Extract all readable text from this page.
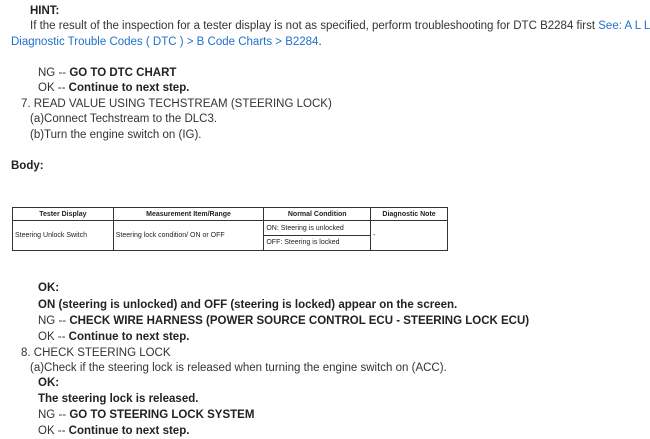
HINT:
If the result of the inspection for a tester display is not as specified, perform troubleshooting for DTC B2284 first See: A L L
Diagnostic Trouble Codes ( DTC ) > B Code Charts > B2284.
NG -- GO TO DTC CHART
OK -- Continue to next step.
7. READ VALUE USING TECHSTREAM (STEERING LOCK)
(a)Connect Techstream to the DLC3.
(b)Turn the engine switch on (IG).
Body:
Tester Display	Measurement Item/Range	Normal Condition	Diagnostic Note
Steering Unlock Switch	Steering lock condition/ ON or OFF	ON: Steering is unlocked
OFF: Steering is locked	-
OK:
ON (steering is unlocked) and OFF (steering is locked) appear on the screen.
NG -- CHECK WIRE HARNESS (POWER SOURCE CONTROL ECU - STEERING LOCK ECU)
OK -- Continue to next step.
8. CHECK STEERING LOCK
(a)Check if the steering lock is released when turning the engine switch on (ACC).
OK:
The steering lock is released.
NG -- GO TO STEERING LOCK SYSTEM
OK -- Continue to next step.
